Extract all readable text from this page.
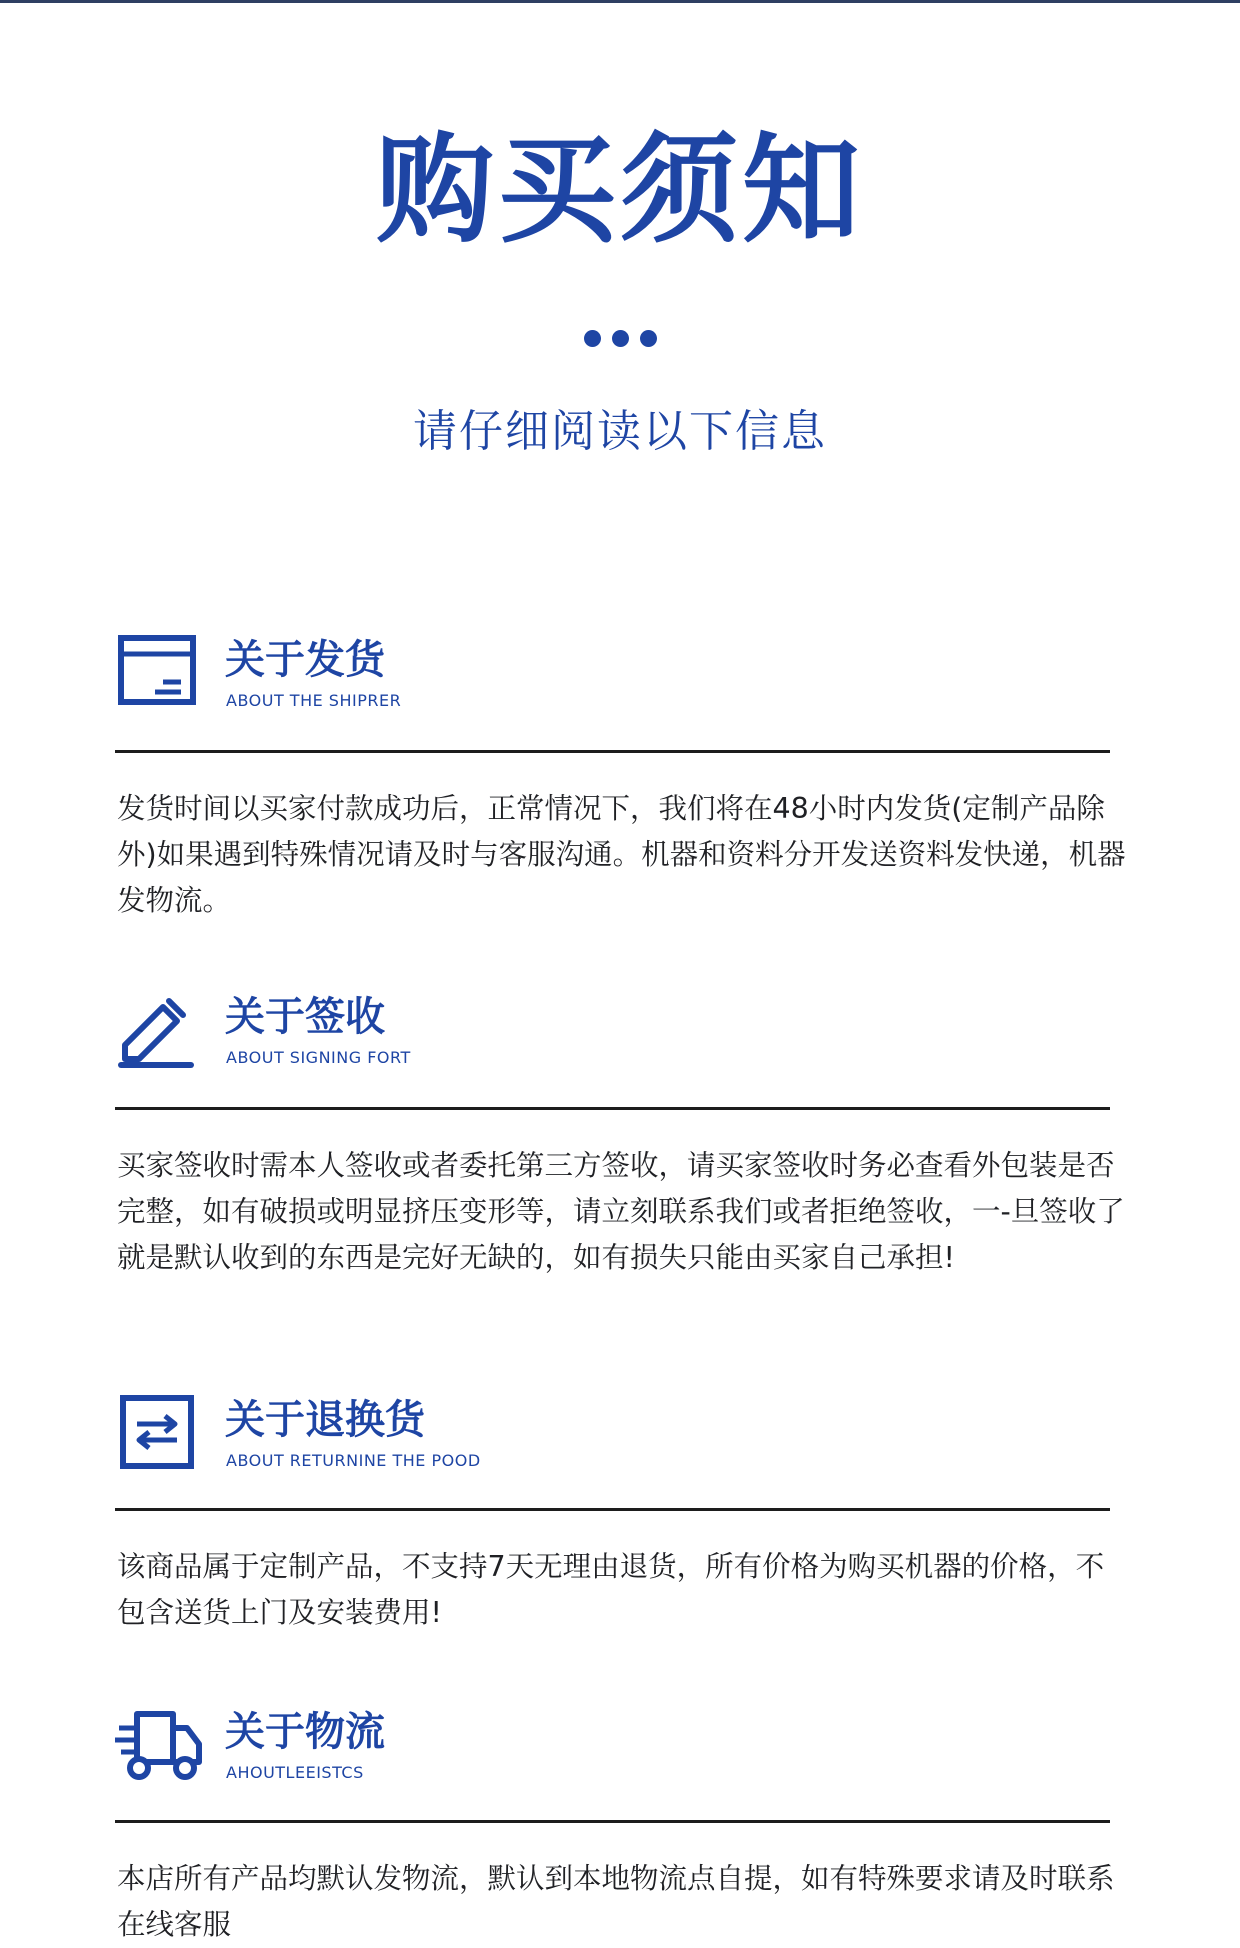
购买须知
请仔细阅读以下信息
关于发货
ABOUT THE SHIPRER
发货时间以买家付款成功后，正常情况下，我们将在48小时内发货(定制产品除外)如果遇到特殊情况请及时与客服沟通。机器和资料分开发送资料发快递，机器发物流。
关于签收
ABOUT SIGNING FORT
买家签收时需本人签收或者委托第三方签收，请买家签收时务必查看外包装是否完整，如有破损或明显挤压变形等，请立刻联系我们或者拒绝签收，一-旦签收了就是默认收到的东西是完好无缺的，如有损失只能由买家自己承担!
关于退换货
ABOUT RETURNINE THE POOD
该商品属于定制产品，不支持7天无理由退货，所有价格为购买机器的价格，不包含送货上门及安装费用!
关于物流
AHOUTLEEISTCS
本店所有产品均默认发物流，默认到本地物流点自提，如有特殊要求请及时联系在线客服
